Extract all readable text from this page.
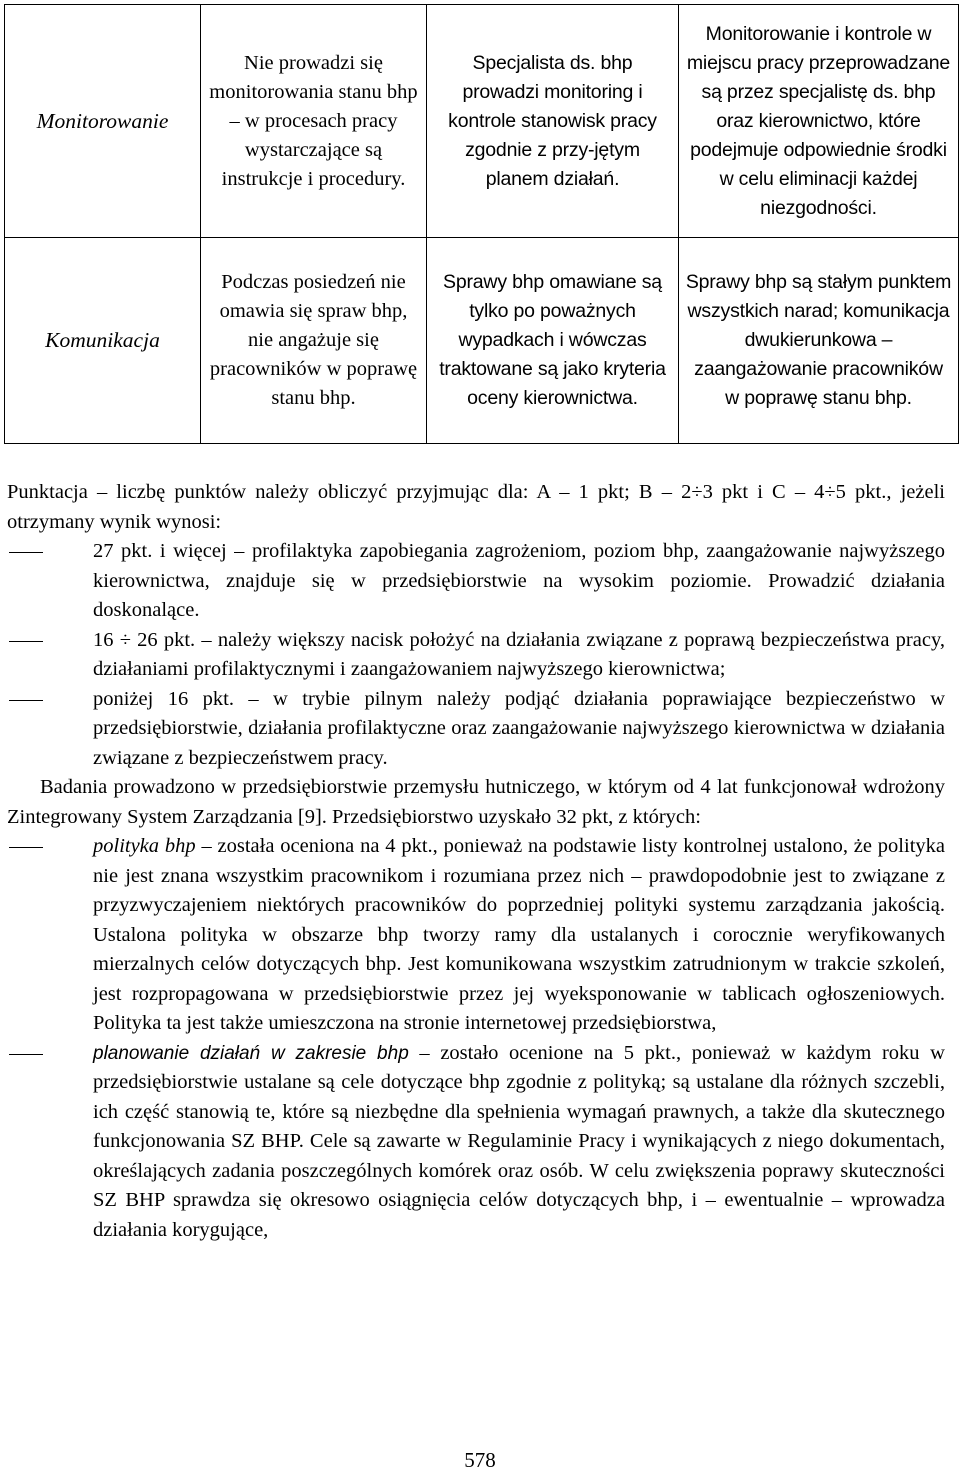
Monitorowanie	Nie prowadzi się monitorowania stanu bhp – w procesach pracy wystarczające są instrukcje i procedury.	Specjalista ds. bhp prowadzi monitoring i kontrole stanowisk pracy zgodnie z przy-jętym planem działań.	Monitorowanie i kontrole w miejscu pracy przeprowadzane są przez specjalistę ds. bhp oraz kierownictwo, które podejmuje odpowiednie środki w celu eliminacji każdej niezgodności.
Komunikacja	Podczas posiedzeń nie omawia się spraw bhp, nie angażuje się pracowników w poprawę stanu bhp.	Sprawy bhp omawiane są tylko po poważnych wypadkach i wówczas traktowane są jako kryteria oceny kierownictwa.	Sprawy bhp są stałym punktem wszystkich narad; komunikacja dwukierunkowa – zaangażowanie pracowników w poprawę stanu bhp.
Punktacja – liczbę punktów należy obliczyć przyjmując dla: A – 1 pkt; B – 2÷3 pkt i C – 4÷5 pkt., jeżeli otrzymany wynik wynosi:
27 pkt. i więcej – profilaktyka zapobiegania zagrożeniom, poziom bhp, zaangażowanie najwyższego kierownictwa, znajduje się w przedsiębiorstwie na wysokim poziomie. Prowadzić działania doskonalące.
16 ÷ 26 pkt. – należy większy nacisk położyć na działania związane z poprawą bezpieczeństwa pracy, działaniami profilaktycznymi i zaangażowaniem najwyższego kierownictwa;
poniżej 16 pkt. – w trybie pilnym należy podjąć działania poprawiające bezpieczeństwo w przedsiębiorstwie, działania profilaktyczne oraz zaangażowanie najwyższego kierownictwa w działania związane z bezpieczeństwem pracy.
Badania prowadzono w przedsiębiorstwie przemysłu hutniczego, w którym od 4 lat funkcjonował wdrożony Zintegrowany System Zarządzania [9]. Przedsiębiorstwo uzyskało 32 pkt, z których:
polityka bhp – została oceniona na 4 pkt., ponieważ na podstawie listy kontrolnej ustalono, że polityka nie jest znana wszystkim pracownikom i rozumiana przez nich – prawdopodobnie jest to związane z przyzwyczajeniem niektórych pracowników do poprzedniej polityki systemu zarządzania jakością. Ustalona polityka w obszarze bhp tworzy ramy dla ustalanych i corocznie weryfikowanych mierzalnych celów dotyczących bhp. Jest komunikowana wszystkim zatrudnionym w trakcie szkoleń, jest rozpropagowana w przedsiębiorstwie przez jej wyeksponowanie w tablicach ogłoszeniowych. Polityka ta jest także umieszczona na stronie internetowej przedsiębiorstwa,
planowanie działań w zakresie bhp – zostało ocenione na 5 pkt., ponieważ w każdym roku w przedsiębiorstwie ustalane są cele dotyczące bhp zgodnie z polityką; są ustalane dla różnych szczebli, ich część stanowią te, które są niezbędne dla spełnienia wymagań prawnych, a także dla skutecznego funkcjonowania SZ BHP. Cele są zawarte w Regulaminie Pracy i wynikających z niego dokumentach, określających zadania poszczególnych komórek oraz osób. W celu zwiększenia poprawy skuteczności SZ BHP sprawdza się okresowo osiągnięcia celów dotyczących bhp, i – ewentualnie – wprowadza działania korygujące,
578
